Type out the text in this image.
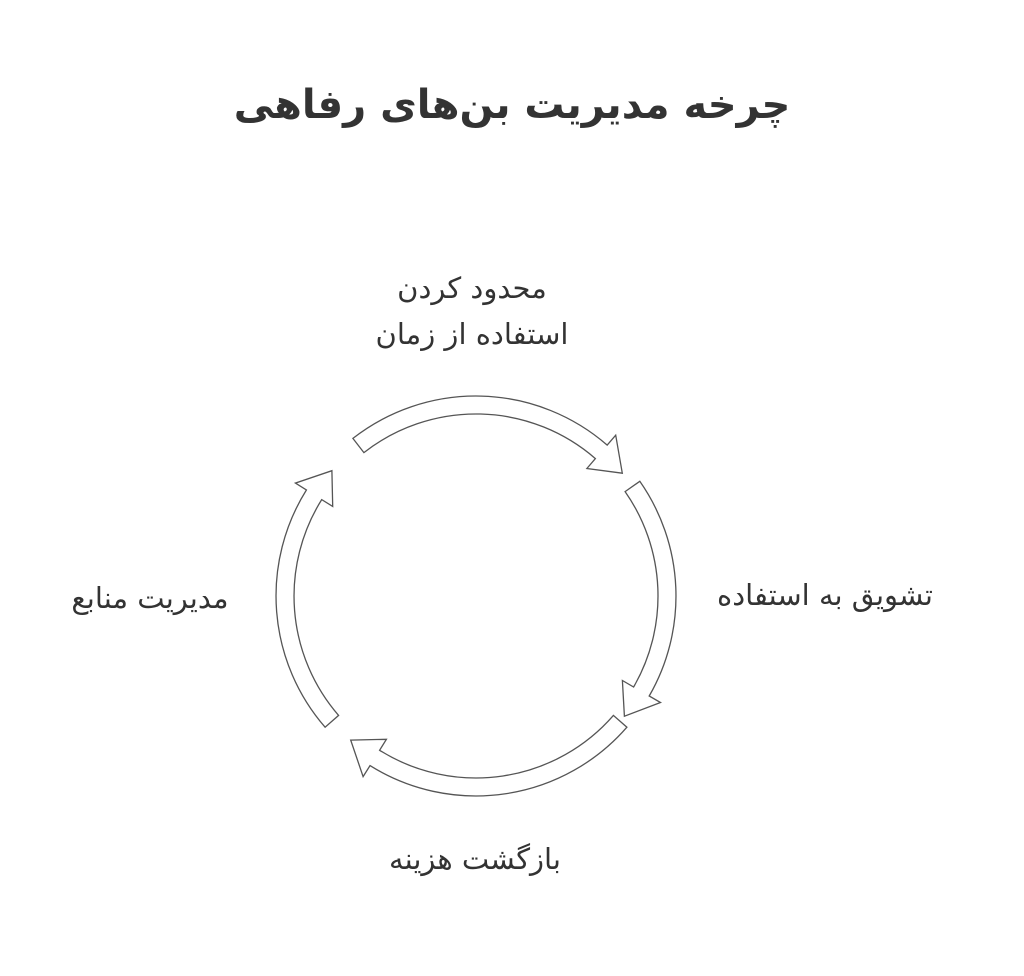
چرخه مدیریت بن‌های رفاهی
محدود کردن استفاده از زمان
تشویق به استفاده
بازگشت هزینه
مدیریت منابع
